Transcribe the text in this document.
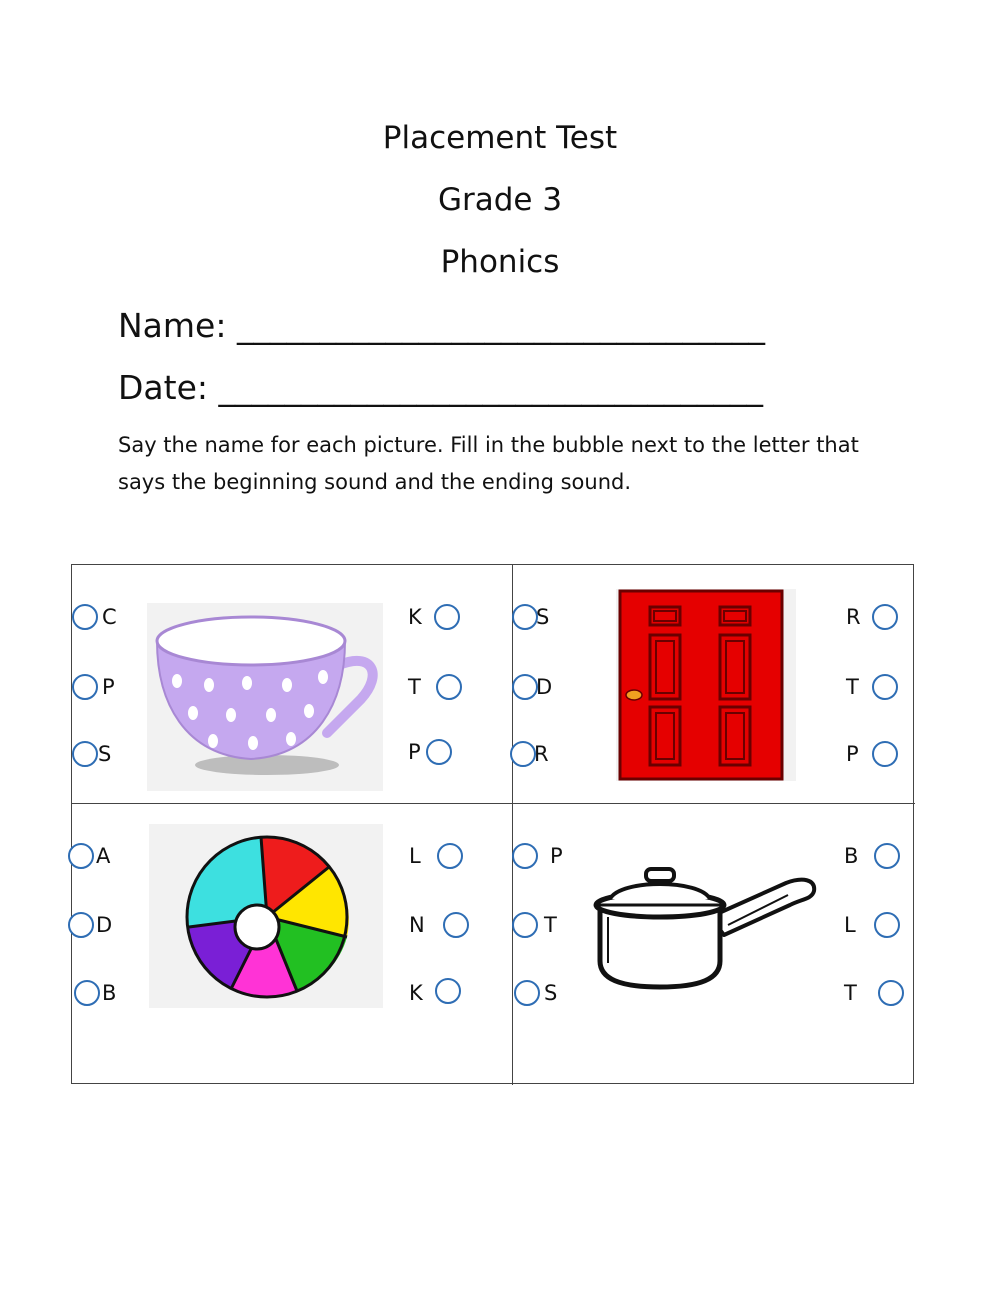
Placement Test
Grade 3
Phonics
Name: ________________________________
Date: _________________________________
Say the name for each picture. Fill in the bubble next to the letter that says the beginning sound and the ending sound.
C
P
S
K
T
P
S
D
R
R
T
P
A
D
B
L
N
K
P
T
S
B
L
T
